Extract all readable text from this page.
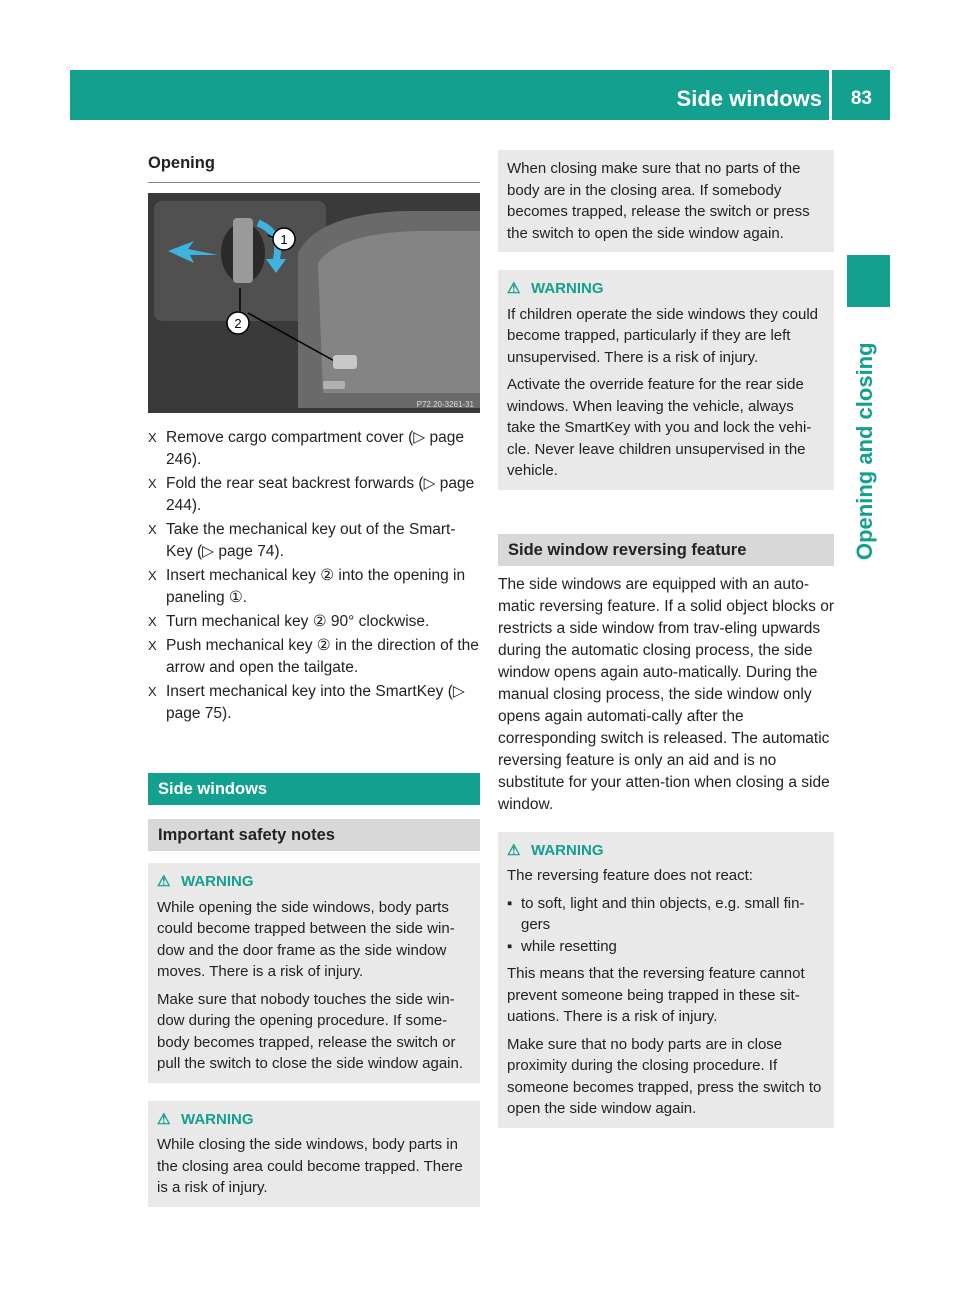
Side windows 83
Opening and closing
Opening
1
2
P72.20-3261-31
X Remove cargo compartment cover (▷ page 246).
X Fold the rear seat backrest forwards (▷ page 244).
X Take the mechanical key out of the Smart-Key (▷ page 74).
X Insert mechanical key ② into the opening in paneling ①.
X Turn mechanical key ② 90° clockwise.
X Push mechanical key ② in the direction of the arrow and open the tailgate.
X Insert mechanical key into the SmartKey (▷ page 75).
Side windows
Important safety notes
⚠ WARNING

While opening the side windows, body parts could become trapped between the side win-dow and the door frame as the side window moves. There is a risk of injury.

Make sure that nobody touches the side win-dow during the opening procedure. If some-body becomes trapped, release the switch or pull the switch to close the side window again.

⚠ WARNING

While closing the side windows, body parts in the closing area could become trapped. There is a risk of injury.

When closing make sure that no parts of the body are in the closing area. If somebody becomes trapped, release the switch or press the switch to open the side window again.

⚠ WARNING

If children operate the side windows they could become trapped, particularly if they are left unsupervised. There is a risk of injury.

Activate the override feature for the rear side windows. When leaving the vehicle, always take the SmartKey with you and lock the vehi-cle. Never leave children unsupervised in the vehicle.

Side window reversing feature

The side windows are equipped with an auto-matic reversing feature. If a solid object blocks or restricts a side window from trav-eling upwards during the automatic closing process, the side window opens again auto-matically. During the manual closing process, the side window only opens again automati-cally after the corresponding switch is released. The automatic reversing feature is only an aid and is no substitute for your atten-tion when closing a side window.

⚠ WARNING

The reversing feature does not react:

▪ to soft, light and thin objects, e.g. small fin-gers
▪ while resetting

This means that the reversing feature cannot prevent someone being trapped in these sit-uations. There is a risk of injury.

Make sure that no body parts are in close proximity during the closing procedure. If someone becomes trapped, press the switch to open the side window again.
